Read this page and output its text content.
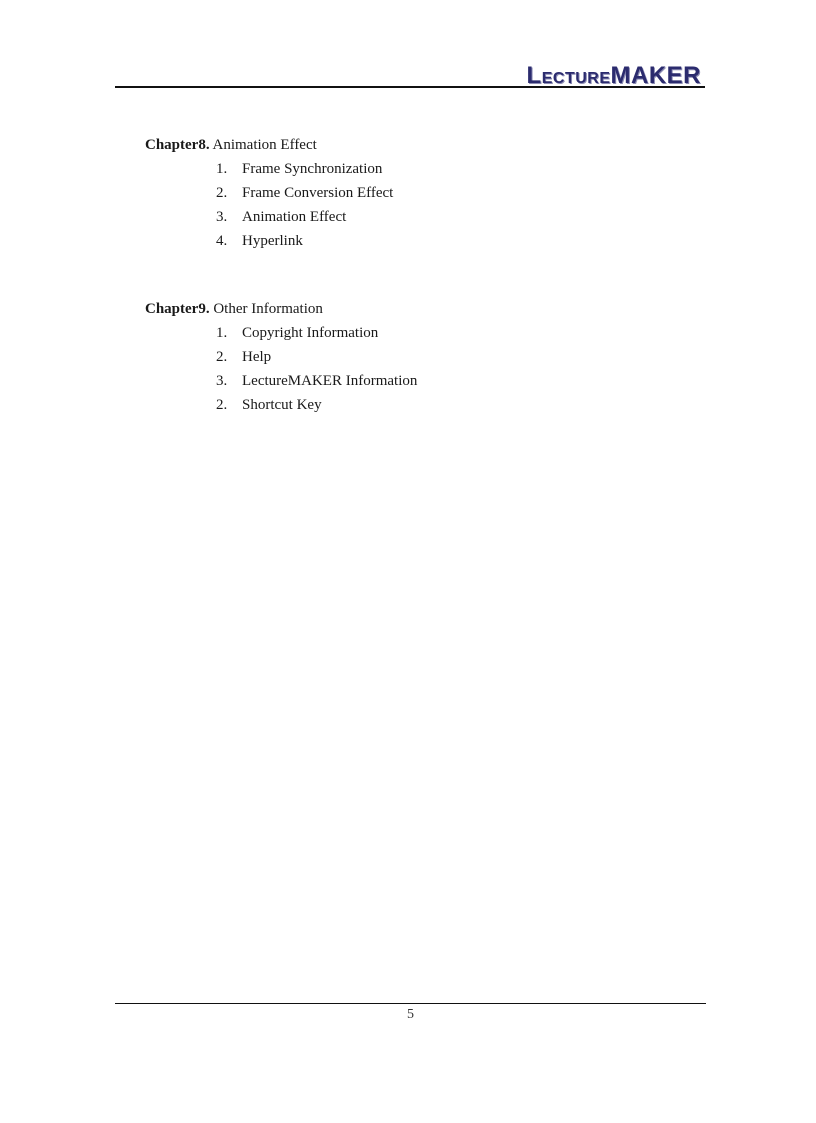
LECTUREMAKER

Chapter8. Animation Effect

1. Frame Synchronization
2. Frame Conversion Effect
3. Animation Effect
4. Hyperlink

Chapter9. Other Information

1. Copyright Information
2. Help
3. LectureMAKER Information
2. Shortcut Key
5
